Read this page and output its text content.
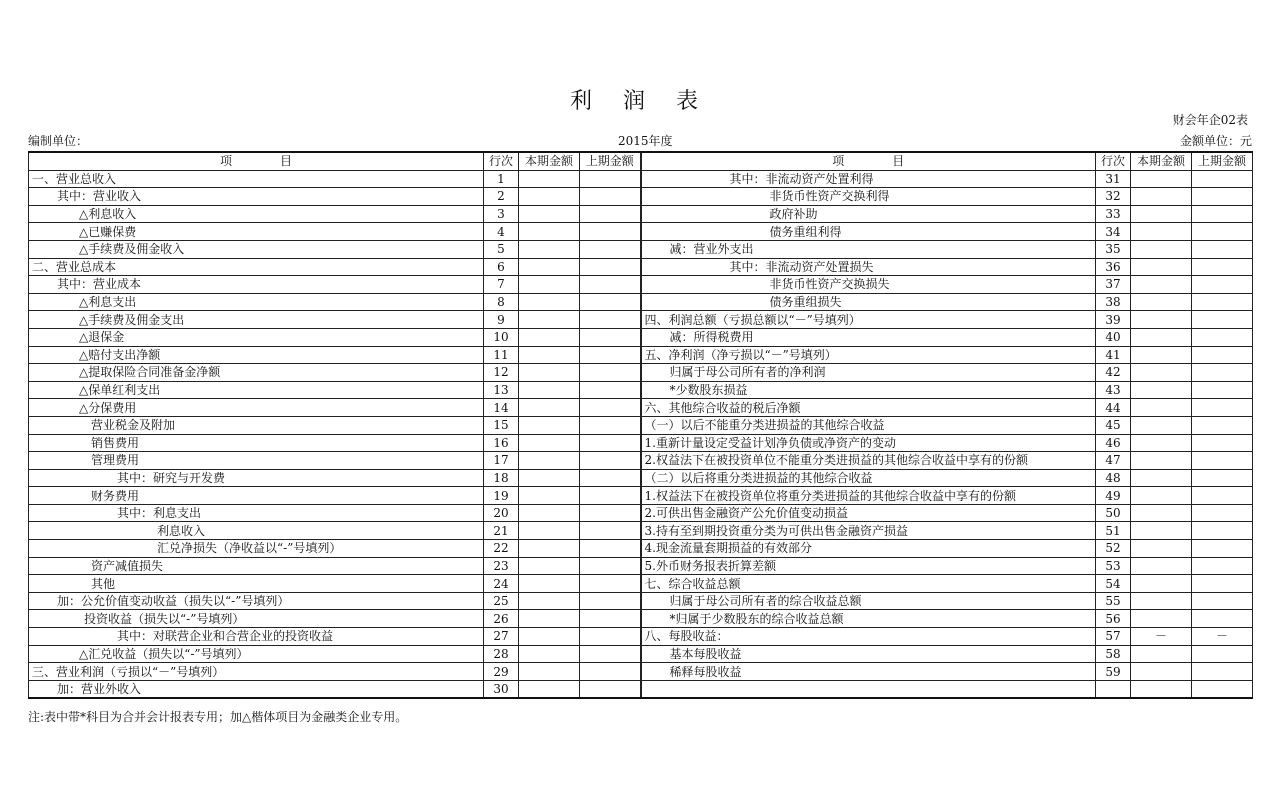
利 润 表
财会年企02表
编制单位：	2015年度	金额单位：元
项　　　　目	行次	本期金额	上期金额	项　　　　目	行次	本期金额	上期金额
一、营业总收入	1			其中：非流动资产处置利得	31		
其中：营业收入	2			非货币性资产交换利得	32		
△利息收入	3			政府补助	33		
△已赚保费	4			债务重组利得	34		
△手续费及佣金收入	5			减：营业外支出	35		
二、营业总成本	6			其中：非流动资产处置损失	36		
其中：营业成本	7			非货币性资产交换损失	37		
△利息支出	8			债务重组损失	38		
△手续费及佣金支出	9			四、利润总额（亏损总额以“－”号填列）	39		
△退保金	10			减：所得税费用	40		
△赔付支出净额	11			五、净利润（净亏损以“－”号填列）	41		
△提取保险合同准备金净额	12			归属于母公司所有者的净利润	42		
△保单红利支出	13			*少数股东损益	43		
△分保费用	14			六、其他综合收益的税后净额	44		
营业税金及附加	15			（一）以后不能重分类进损益的其他综合收益	45		
销售费用	16			1.重新计量设定受益计划净负债或净资产的变动	46		
管理费用	17			2.权益法下在被投资单位不能重分类进损益的其他综合收益中享有的份额	47		
其中：研究与开发费	18			（二）以后将重分类进损益的其他综合收益	48		
财务费用	19			1.权益法下在被投资单位将重分类进损益的其他综合收益中享有的份额	49		
其中：利息支出	20			2.可供出售金融资产公允价值变动损益	50		
利息收入	21			3.持有至到期投资重分类为可供出售金融资产损益	51		
汇兑净损失（净收益以“-”号填列）	22			4.现金流量套期损益的有效部分	52		
资产减值损失	23			5.外币财务报表折算差额	53		
其他	24			七、综合收益总额	54		
加：公允价值变动收益（损失以“-”号填列）	25			归属于母公司所有者的综合收益总额	55		
投资收益（损失以“-”号填列）	26			*归属于少数股东的综合收益总额	56		
其中：对联营企业和合营企业的投资收益	27			八、每股收益：	57	－	－
△汇兑收益（损失以“-”号填列）	28			基本每股收益	58		
三、营业利润（亏损以“－”号填列）	29			稀释每股收益	59		
加：营业外收入	30						
注:表中带*科目为合并会计报表专用；加△楷体项目为金融类企业专用。
